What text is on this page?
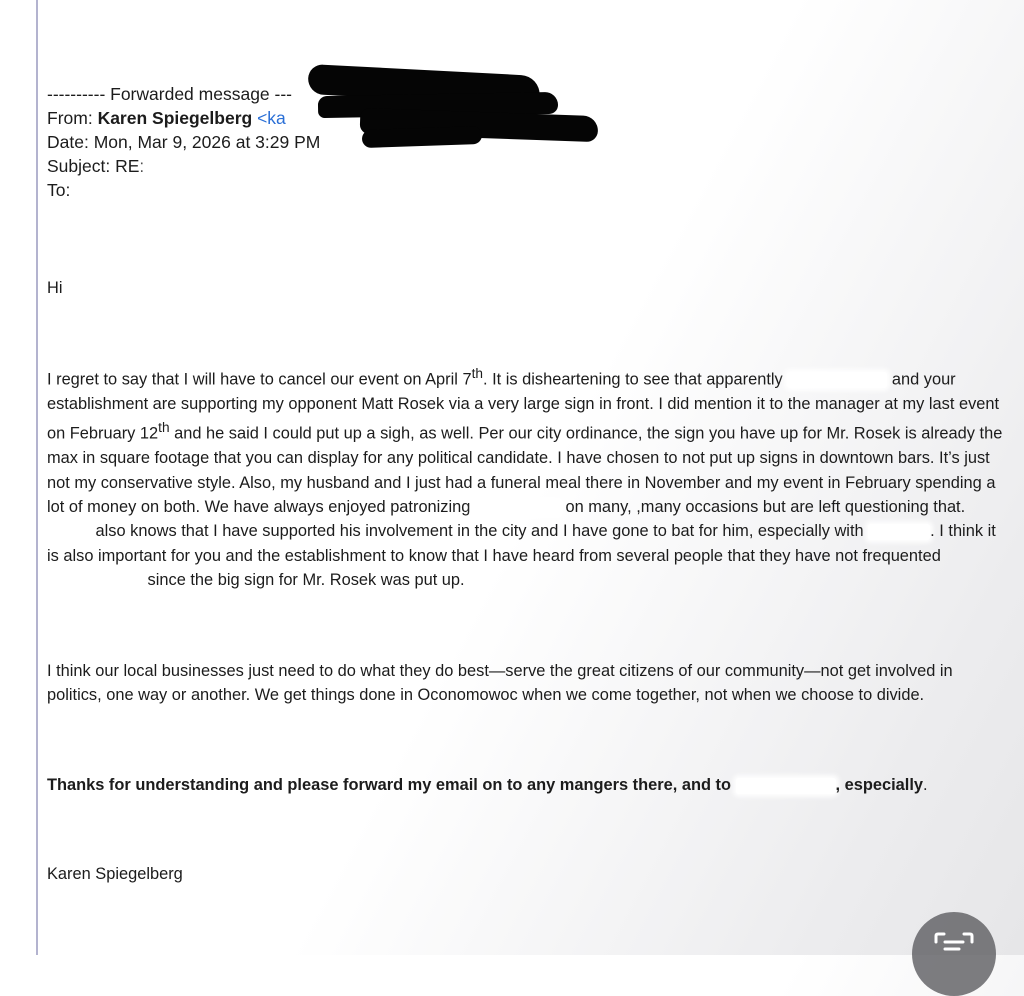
---------- Forwarded message ---
From: Karen Spiegelberg <ka
Date: Mon, Mar 9, 2026 at 3:29 PM
Subject: RE:
To:
Hi

I regret to say that I will have to cancel our event on April 7th. It is disheartening to see that apparently	and your establishment are supporting my opponent Matt Rosek via a very large sign in front. I did mention it to the manager at my last event on February 12th and he said I could put up a sigh, as well. Per our city ordinance, the sign you have up for Mr. Rosek is already the max in square footage that you can display for any political candidate. I have chosen to not put up signs in downtown bars. It’s just not my conservative style. Also, my husband and I just had a funeral meal there in November and my event in February spending a lot of money on both. We have always enjoyed patronizing	on many, ,many occasions but are left questioning that.  also knows that I have supported his involvement in the city and I have gone to bat for him, especially with	. I think it is also important for you and the establishment to know that I have heard from several people that they have not frequented  since the big sign for Mr. Rosek was put up.

I think our local businesses just need to do what they do best—serve the great citizens of our community—not get involved in politics, one way or another. We get things done in Oconomowoc when we come together, not when we choose to divide.

Thanks for understanding and please forward my email on to any mangers there, and to	, especially.

Karen Spiegelberg
